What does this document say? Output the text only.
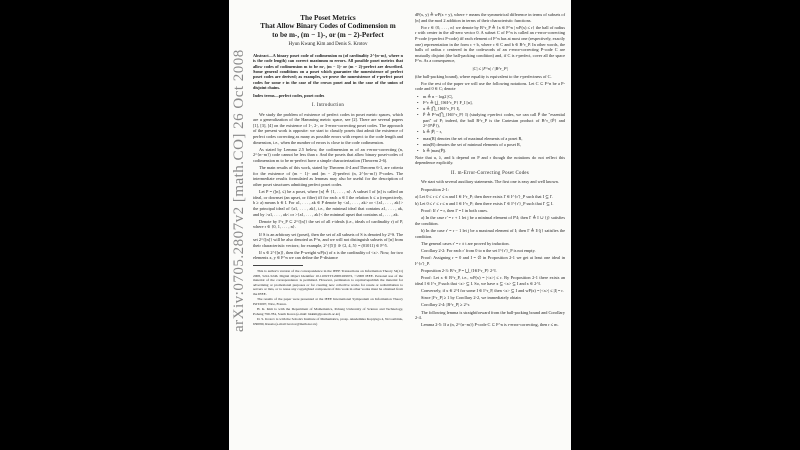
arXiv:0705.2807v2 [math.CO] 26 Oct 2008

The Poset Metrics

That Allow Binary Codes of Codimension m

to be m-, (m − 1)-, or (m − 2)-Perfect

Hyun Kwang Kim and Denis S. Krotov

Abstract—A binary poset code of codimension m (of cardinality 2^{n−m}, where n is the code length) can correct maximum m errors. All possible poset metrics that allow codes of codimension m to be m-, (m − 1)- or (m − 2)-perfect are described. Some general conditions on a poset which guarantee the nonexistence of perfect poset codes are derived; as examples, we prove the nonexistence of r-perfect poset codes for some r in the case of the crown poset and in the case of the union of disjoint chains.

Index terms—perfect codes, poset codes

I. Introduction

We study the problem of existence of perfect codes in poset metric spaces, which are a generalization of the Hamming metric space, see [2]. There are several papers [1], [3], [4] on the existence of 1-, 2-, or 3-error-correcting poset codes. The approach of the present work is opposite: we start to classify posets that admit the existence of perfect codes correcting as many as possible errors with respect to the code length and dimension, i.e., when the number of errors is close to the code codimension.

As stated by Lemma 2.5 below, the codimension m of an r-error-correcting (n, 2^{n−m}) code cannot be less than r. And the posets that allow binary poset-codes of codimension m to be m-perfect have a simple characterization (Theorem 2-6).

The main results of this work, stated by Theorem 4-4 and Theorem 6-1, are criteria for the existence of (m − 1)- and (m − 2)-perfect (n, 2^{n−m}) P-codes. The intermediate results formulated as lemmas may also be useful for the description of other poset structures admitting perfect poset codes.

Let P = ([n], ≤) be a poset, where [n] ≜ {1, . . . , n}. A subset I of [n] is called an ideal, or downset (an upset, or filter) iff for each a ∈ I the relation b ≤ a (respectively, b ≥ a) means b ∈ I. For a1, . . . , ak ∈ P denote by <a1, . . . , ak> or <{a1, . . . , ak}> the principal ideal of {a1, . . . , ak}, i.e., the minimal ideal that contains a1, . . . , ak, and by >a1, . . . , ak< or >{a1, . . . , ak}< the minimal upset that contains a1, . . . , ak.

Denote by I^r_P ⊂ 2^{[n]} the set of all r-ideals (i.e., ideals of cardinality r) of P, where r ∈ {0, 1, . . . , n}.

If S is an arbitrary set (poset), then the set of all subsets of S is denoted by 2^S. The set 2^{[n]} will be also denoted as F^n, and we will not distinguish subsets of [n] from their characteristic vectors; for example, 2^{[5]} ∋ {2, 4, 5} = (01011) ∈ F^5.

If x ∈ 2^{[n]}, then the P-weight wP(x) of x is the cardinality of <x>. Now, for two elements x, y ∈ F^n we can define the P-distance

This is author's version of the correspondence in the IEEE Transactions on Information Theory 54(11) 2008, 5241-5246. Digital Object Identifier 10.1109/TIT.2008.929972, ©2008 IEEE. Personal use of the material of the correspondence is permitted. However, permission to reprint/republish the material for advertising or promotional purposes or for creating new collective works for resale or redistribution to servers or lists, or to reuse any copyrighted component of this work in other works must be obtained from the IEEE.

The results of the paper were presented at the IEEE International Symposium on Information Theory ISIT2007, Nice, France.

H. K. Kim is with the Department of Mathematics, Pohang University of Science and Technology, Pohang 790-784, South Korea (e-mail: hkkim@postech.ac.kr)

D. S. Krotov is with the Sobolev Institute of Mathematics, prosp. Akademika Koptyuga 4, Novosibirsk, 630090, Russia (e-mail: krotov@math.nsc.ru)

dP(x, y) ≜ wP(x + y), where + means the symmetrical difference in terms of subsets of [n] and the mod 2 addition in terms of their characteristic functions.

For r ∈ {0, . . . , n} we denote by B^r_P ≜ {x ∈ F^n | wP(x) ≤ r} the ball of radius r with center in the all-zero vector 0. A subset C of F^n is called an r-error-correcting P-code (r-perfect P-code) iff each element of F^n has at most one (respectively, exactly one) representation in the form c + b, where c ∈ C and b ∈ B^r_P. In other words, the balls of radius r centered in the codewords of an r-error-correcting P-code C are mutually disjoint (the ball-packing condition) and, if C is r-perfect, cover all the space F^n. As a consequence,

|C| ≤ |F^n| / |B^r_P|

(the ball-packing bound), where equality is equivalent to the r-perfectness of C.

For the rest of the paper we will use the following notations. Let C ⊂ F^n be a P-code and 0 ∈ C; denote

• m ≜ n − log2 |C|,
• F^r ≜ ⋃_{I∈I^r_P} F_I [n],
• u ≜ |⋂_{I∈I^r_P} I|,
• P̄ ≜ P^n(⋂_{I∈I^r_P} I) (studying r-perfect codes, we can call P̄ the "essential part" of P; indeed, the ball B^r_P is the Cartesian product of B^r_{P̄} and 2^{P\P̄}),
• k ≜ |P̄| − r,
• max(R) denotes the set of maximal elements of a poset R,
• min(R) denotes the set of minimal elements of a poset R,
• h ≜ |max(P̄)|.

Note that u, λ, and k depend on P and r though the notations do not reflect this dependence explicitly.

II. m-Error-Correcting Poset Codes

We start with several auxiliary statements. The first one is easy and well known.

Proposition 2-1:

a) Let 0 ≤ r ≤ r' ≤ n and I ∈ I^r_P; then there exists I' ∈ I^{r'}_P such that I ⊆ I'.

b) Let 0 ≤ r' ≤ r ≤ n and I ∈ I^r_P; then there exists I' ∈ I^{r'}_P such that I' ⊆ I.

Proof: If r' = r, then I' = I in both cases.

a) In the case r' = r + 1 let j be a minimal element of P\I; then I' ≜ I ∪ {j} satisfies the condition.

b) In the case r' = r − 1 let j be a maximal element of I; then I' ≜ I\{j} satisfies the condition.

The general cases r' = r ± t are proved by induction.

Corollary 2-2: For each r' from 0 to n the set I^{r'}_P is not empty.

Proof: Assigning r = 0 and I = ∅ in Proposition 2-1 we get at least one ideal in I^{r'}_P.

Proposition 2-3: B^r_P = ⋃_{I∈I^r_P} 2^I.

Proof: Let x ∈ B^r_P, i.e., wP(x) = |<x>| ≤ r. By Proposition 2-1 there exists an ideal I ∈ I^r_P such that <x> ⊆ I. So, we have x ⊆ <x> ⊆ I and x ∈ 2^I.

Conversely, if x ∈ 2^I for some I ∈ I^r_P, then <x> ⊆ I and wP(x) = |<x>| ≤ |I| = r.

Since |I^r_P| ≥ 1 by Corollary 2-2, we immediately obtain

Corollary 2-4: |B^r_P| ≥ 2^r.

The following lemma is straightforward from the ball-packing bound and Corollary 2-4.

Lemma 2-5: If a (n, 2^{n−m}) P-code C ⊂ F^n is r-error-correcting, then r ≤ m.
